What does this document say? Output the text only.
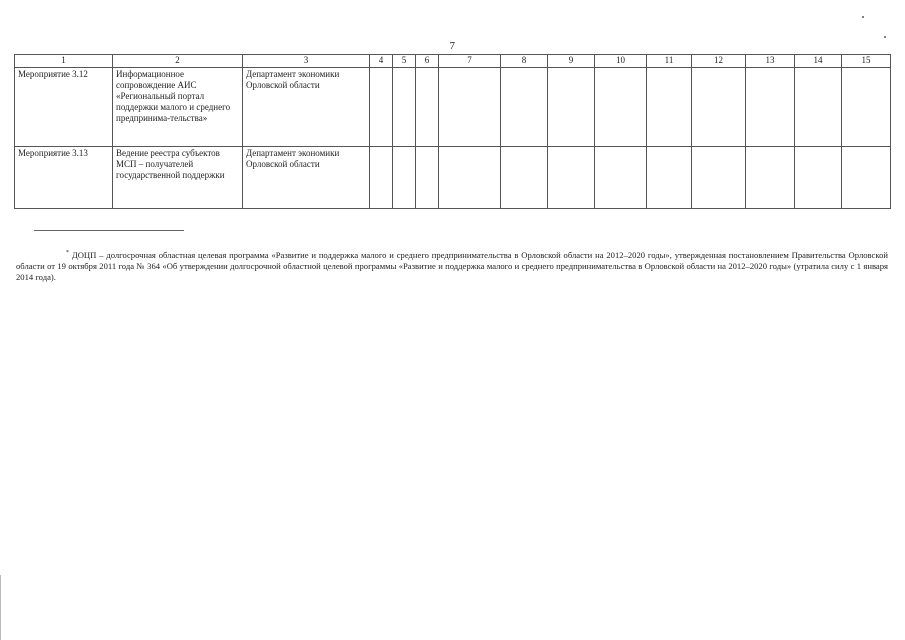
7
1	2	3	4	5	6	7	8	9	10	11	12	13	14	15
Мероприятие 3.12	Информационное сопровождение АИС «Региональный портал поддержки малого и среднего предпринима-тельства»	Департамент экономики Орловской области												
Мероприятие 3.13	Ведение реестра субъектов МСП – получателей государственной поддержки	Департамент экономики Орловской области												

* ДОЦП – долгосрочная областная целевая программа «Развитие и поддержка малого и среднего предпринимательства в Орловской области на 2012–2020 годы», утвержденная постановлением Правительства Орловской области от 19 октября 2011 года № 364 «Об утверждении долгосрочной областной целевой программы «Развитие и поддержка малого и среднего предпринимательства в Орловской области на 2012–2020 годы» (утратила силу с 1 января 2014 года).
